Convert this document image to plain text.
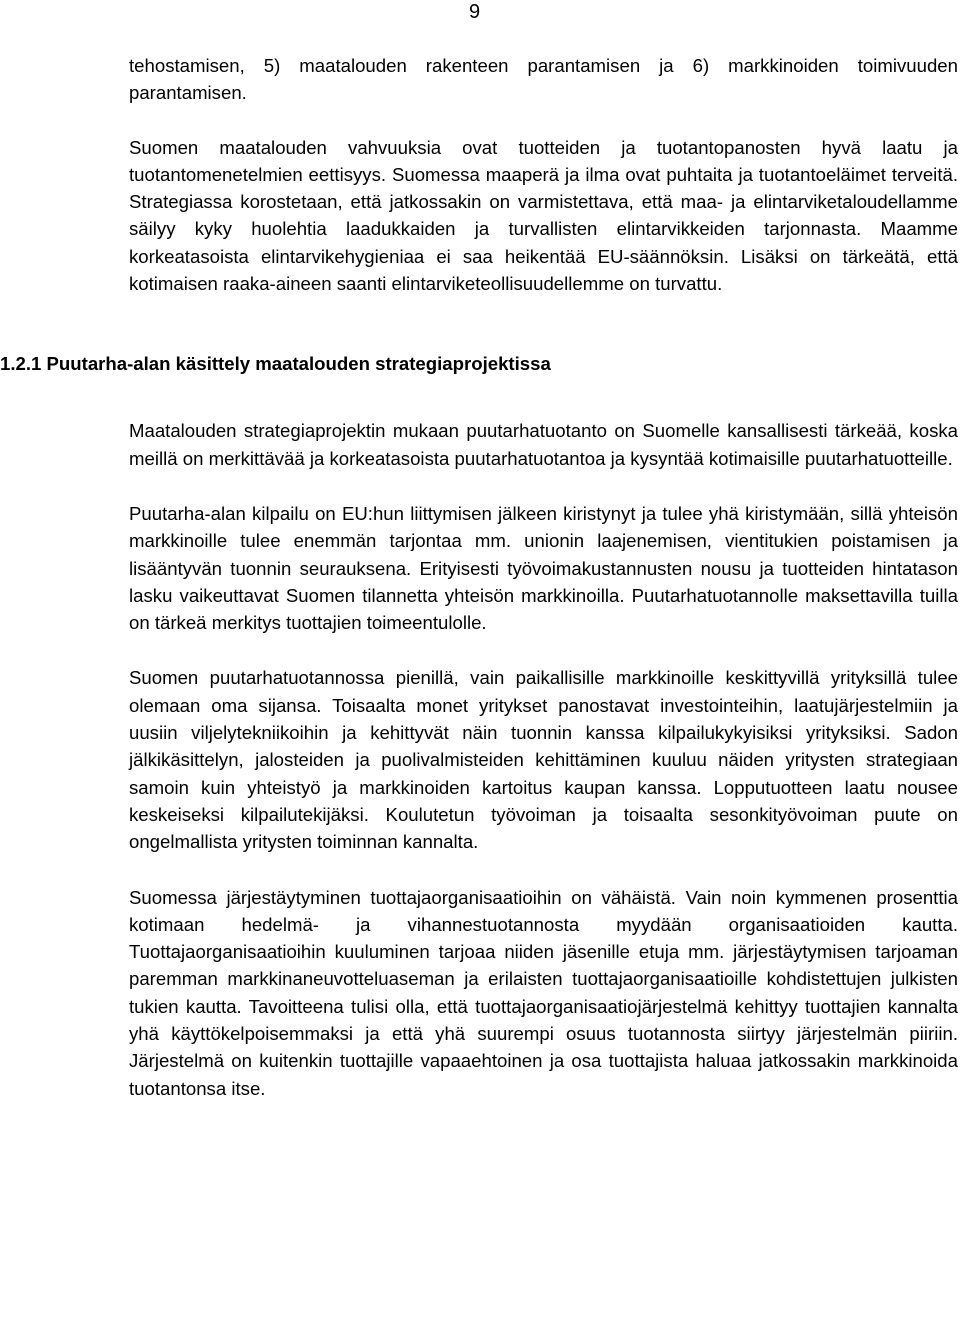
9

tehostamisen, 5) maatalouden rakenteen parantamisen ja 6) markkinoiden toimivuuden parantamisen.

Suomen maatalouden vahvuuksia ovat tuotteiden ja tuotantopanosten hyvä laatu ja tuotantomenetelmien eettisyys. Suomessa maaperä ja ilma ovat puhtaita ja tuotantoeläimet terveitä. Strategiassa korostetaan, että jatkossakin on varmistettava, että maa- ja elintarviketaloudellamme säilyy kyky huolehtia laadukkaiden ja turvallisten elintarvikkeiden tarjonnasta. Maamme korkeatasoista elintarvikehygieniaa ei saa heikentää EU-säännöksin. Lisäksi on tärkeätä, että kotimaisen raaka-aineen saanti elintarviketeollisuudellemme on turvattu.

1.2.1 Puutarha-alan käsittely maatalouden strategiaprojektissa

Maatalouden strategiaprojektin mukaan puutarhatuotanto on Suomelle kansallisesti tärkeää, koska meillä on merkittävää ja korkeatasoista puutarhatuotantoa ja kysyntää kotimaisille puutarhatuotteille.

Puutarha-alan kilpailu on EU:hun liittymisen jälkeen kiristynyt ja tulee yhä kiristymään, sillä yhteisön markkinoille tulee enemmän tarjontaa mm. unionin laajenemisen, vientitukien poistamisen ja lisääntyvän tuonnin seurauksena. Erityisesti työvoimakustannusten nousu ja tuotteiden hintatason lasku vaikeuttavat Suomen tilannetta yhteisön markkinoilla. Puutarhatuotannolle maksettavilla tuilla on tärkeä merkitys tuottajien toimeentulolle.

Suomen puutarhatuotannossa pienillä, vain paikallisille markkinoille keskittyvillä yrityksillä tulee olemaan oma sijansa. Toisaalta monet yritykset panostavat investointeihin, laatujärjestelmiin ja uusiin viljelytekniikoihin ja kehittyvät näin tuonnin kanssa kilpailukykyisiksi yrityksiksi. Sadon jälkikäsittelyn, jalosteiden ja puolivalmisteiden kehittäminen kuuluu näiden yritysten strategiaan samoin kuin yhteistyö ja markkinoiden kartoitus kaupan kanssa. Lopputuotteen laatu nousee keskeiseksi kilpailutekijäksi. Koulutetun työvoiman ja toisaalta sesonkityövoiman puute on ongelmallista yritysten toiminnan kannalta.

Suomessa järjestäytyminen tuottajaorganisaatioihin on vähäistä. Vain noin kymmenen prosenttia kotimaan hedelmä- ja vihannestuotannosta myydään organisaatioiden kautta. Tuottajaorganisaatioihin kuuluminen tarjoaa niiden jäsenille etuja mm. järjestäytymisen tarjoaman paremman markkinaneuvotteluaseman ja erilaisten tuottajaorganisaatioille kohdistettujen julkisten tukien kautta. Tavoitteena tulisi olla, että tuottajaorganisaatiojärjestelmä kehittyy tuottajien kannalta yhä käyttökelpoisemmaksi ja että yhä suurempi osuus tuotannosta siirtyy järjestelmän piiriin. Järjestelmä on kuitenkin tuottajille vapaaehtoinen ja osa tuottajista haluaa jatkossakin markkinoida tuotantonsa itse.
